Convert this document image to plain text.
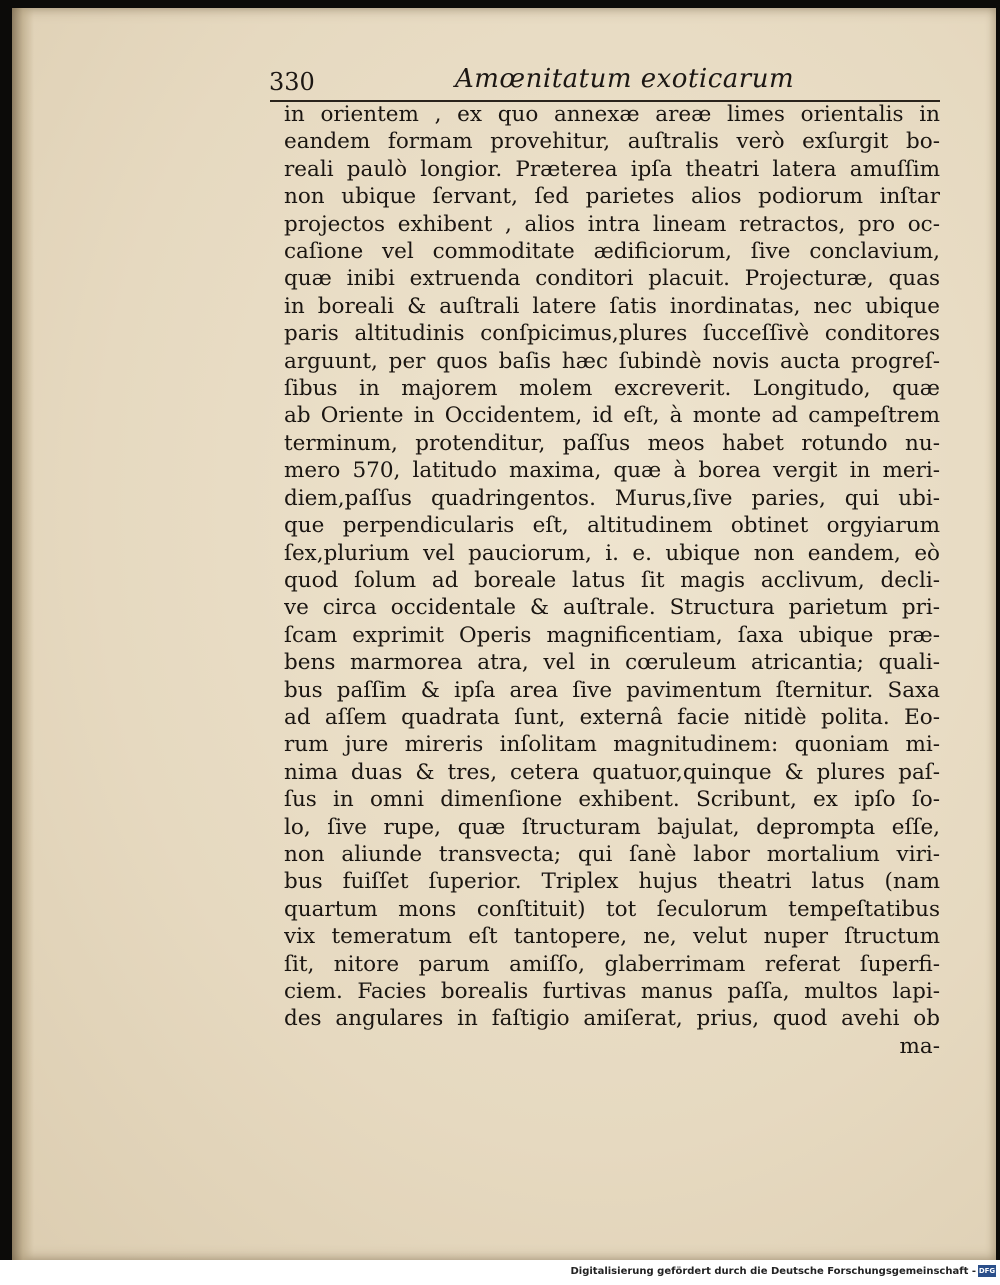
330	Amœnitatum exoticarum
in orientem , ex quo annexæ areæ limes orientalis in
eandem formam provehitur, auſtralis verò exſurgit bo-
reali paulò longior. Præterea ipſa theatri latera amuſſim
non ubique ſervant, ſed parietes alios podiorum inſtar
projectos exhibent , alios intra lineam retractos, pro oc-
caſione vel commoditate ædificiorum, ſive conclavium,
quæ inibi extruenda conditori placuit. Projecturæ, quas
in boreali & auſtrali latere ſatis inordinatas, nec ubique
paris altitudinis conſpicimus,plures ſucceſſivè conditores
arguunt, per quos baſis hæc ſubindè novis aucta progreſ-
ſibus in majorem molem excreverit. Longitudo, quæ
ab Oriente in Occidentem, id eſt, à monte ad campeſtrem
terminum, protenditur, paſſus meos habet rotundo nu-
mero 570, latitudo maxima, quæ à borea vergit in meri-
diem,paſſus quadringentos. Murus,ſive paries, qui ubi-
que perpendicularis eſt, altitudinem obtinet orgyiarum
ſex,plurium vel pauciorum, i. e. ubique non eandem, eò
quod ſolum ad boreale latus ſit magis acclivum, decli-
ve circa occidentale & auſtrale. Structura parietum pri-
ſcam exprimit Operis magnificentiam, ſaxa ubique præ-
bens marmorea atra, vel in cœruleum atricantia; quali-
bus paſſim & ipſa area ſive pavimentum ſternitur. Saxa
ad aſſem quadrata ſunt, externâ facie nitidè polita. Eo-
rum jure mireris inſolitam magnitudinem: quoniam mi-
nima duas & tres, cetera quatuor,quinque & plures paſ-
ſus in omni dimenſione exhibent. Scribunt, ex ipſo ſo-
lo, ſive rupe, quæ ſtructuram bajulat, deprompta eſſe,
non aliunde transvecta; qui ſanè labor mortalium viri-
bus fuiſſet ſuperior. Triplex hujus theatri latus (nam
quartum mons conſtituit) tot ſeculorum tempeſtatibus
vix temeratum eſt tantopere, ne, velut nuper ſtructum
ſit, nitore parum amiſſo, glaberrimam referat ſuperfi-
ciem. Facies borealis furtivas manus paſſa, multos lapi-
des angulares in faſtigio amiſerat, prius, quod avehi ob
ma-
Digitalisierung gefördert durch die Deutsche Forschungsgemeinschaft - DFG
